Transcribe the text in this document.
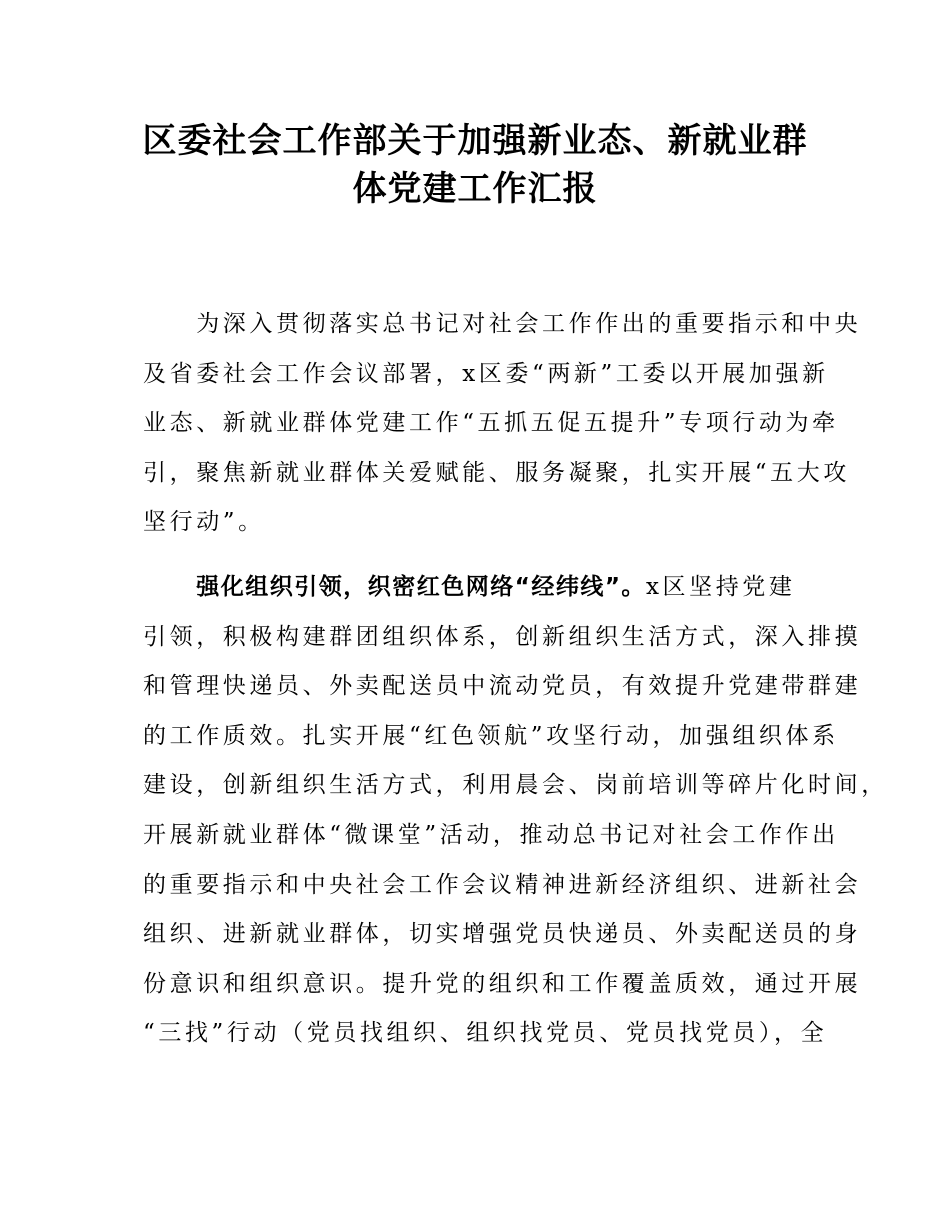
区委社会工作部关于加强新业态、新就业群
体党建工作汇报

　　为深入贯彻落实总书记对社会工作作出的重要指示和中央
及省委社会工作会议部署，x区委“两新”工委以开展加强新
业态、新就业群体党建工作“五抓五促五提升”专项行动为牵
引，聚焦新就业群体关爱赋能、服务凝聚，扎实开展“五大攻
坚行动”。

　　强化组织引领，织密红色网络“经纬线”。x区坚持党建
引领，积极构建群团组织体系，创新组织生活方式，深入排摸
和管理快递员、外卖配送员中流动党员，有效提升党建带群建
的工作质效。扎实开展“红色领航”攻坚行动，加强组织体系
建设，创新组织生活方式，利用晨会、岗前培训等碎片化时间，
开展新就业群体“微课堂”活动，推动总书记对社会工作作出
的重要指示和中央社会工作会议精神进新经济组织、进新社会
组织、进新就业群体，切实增强党员快递员、外卖配送员的身
份意识和组织意识。提升党的组织和工作覆盖质效，通过开展
“三找”行动（党员找组织、组织找党员、党员找党员），全
